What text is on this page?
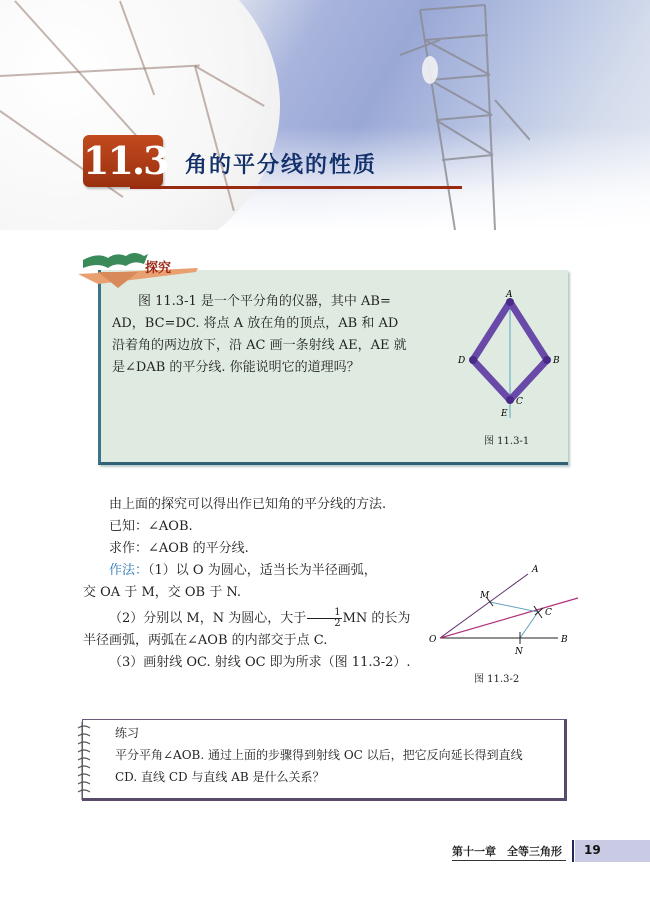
11.3 角的平分线的性质
探究

图 11.3-1 是一个平分角的仪器，其中 AB=

AD，BC=DC. 将点 A 放在角的顶点，AB 和 AD

沿着角的两边放下，沿 AC 画一条射线 AE，AE 就

是∠DAB 的平分线. 你能说明它的道理吗？

A
B
C
D
E
图 11.3-1
由上面的探究可以得出作已知角的平分线的方法.
已知：∠AOB.
求作：∠AOB 的平分线.
作法：（1）以 O 为圆心，适当长为半径画弧，
交 OA 于 M，交 OB 于 N.
（2）分别以 M，N 为圆心，大于 $\frac{1}{2}$ MN 的长为
半径画弧，两弧在∠AOB 的内部交于点 C.
（3）画射线 OC. 射线 OC 即为所求（图 11.3-2）.
O
A
B
M
N
C
图 11.3-2
练习
平分平角∠AOB. 通过上面的步骤得到射线 OC 以后，把它反向延长得到直线
CD. 直线 CD 与直线 AB 是什么关系？
第十一章　全等三角形	19
